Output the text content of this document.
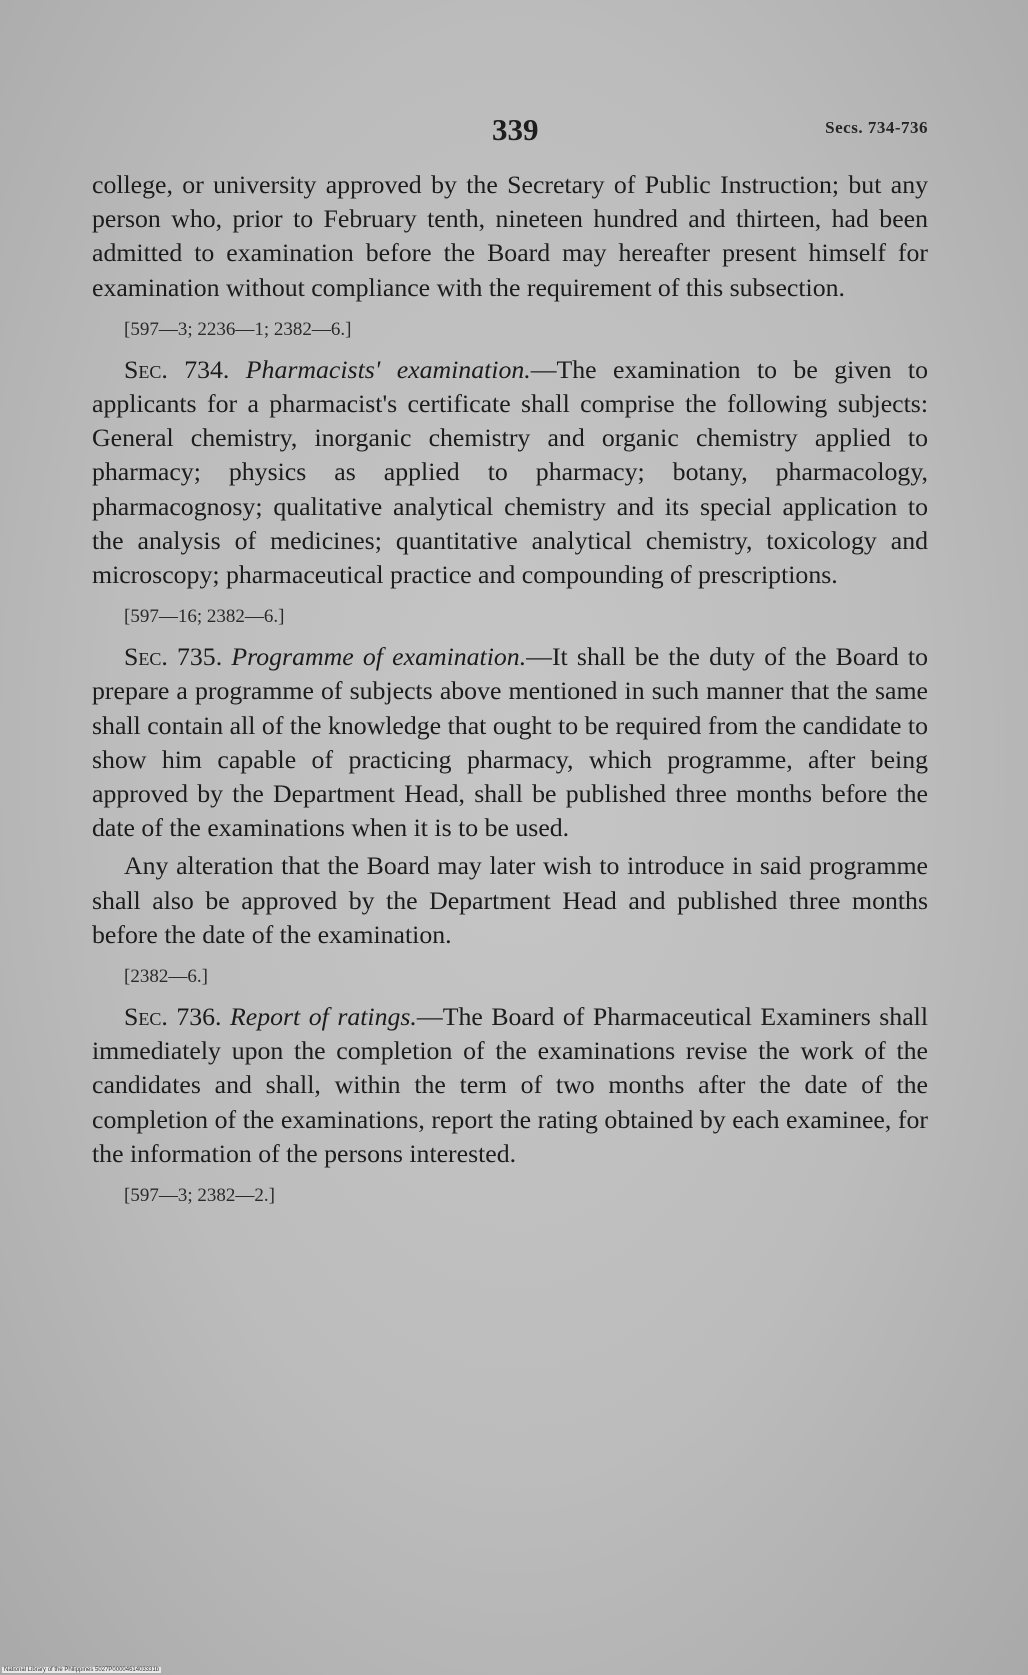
339	Secs. 734-736

college, or university approved by the Secretary of Public Instruction; but any person who, prior to February tenth, nineteen hundred and thirteen, had been admitted to examination before the Board may hereafter present himself for examination without compliance with the requirement of this subsection.

[597—3; 2236—1; 2382—6.]

Sec. 734. Pharmacists' examination.—The examination to be given to applicants for a pharmacist's certificate shall comprise the following subjects: General chemistry, inorganic chemistry and organic chemistry applied to pharmacy; physics as applied to pharmacy; botany, pharmacology, pharmacognosy; qualitative analytical chemistry and its special application to the analysis of medicines; quantitative analytical chemistry, toxicology and microscopy; pharmaceutical practice and compounding of prescriptions.

[597—16; 2382—6.]

Sec. 735. Programme of examination.—It shall be the duty of the Board to prepare a programme of subjects above mentioned in such manner that the same shall contain all of the knowledge that ought to be required from the candidate to show him capable of practicing pharmacy, which programme, after being approved by the Department Head, shall be published three months before the date of the examinations when it is to be used.

Any alteration that the Board may later wish to introduce in said programme shall also be approved by the Department Head and published three months before the date of the examination.

[2382—6.]

Sec. 736. Report of ratings.—The Board of Pharmaceutical Examiners shall immediately upon the completion of the examinations revise the work of the candidates and shall, within the term of two months after the date of the completion of the examinations, report the rating obtained by each examinee, for the information of the persons interested.

[597—3; 2382—2.]

National Library of the Philippines 5027P0000461403331b
